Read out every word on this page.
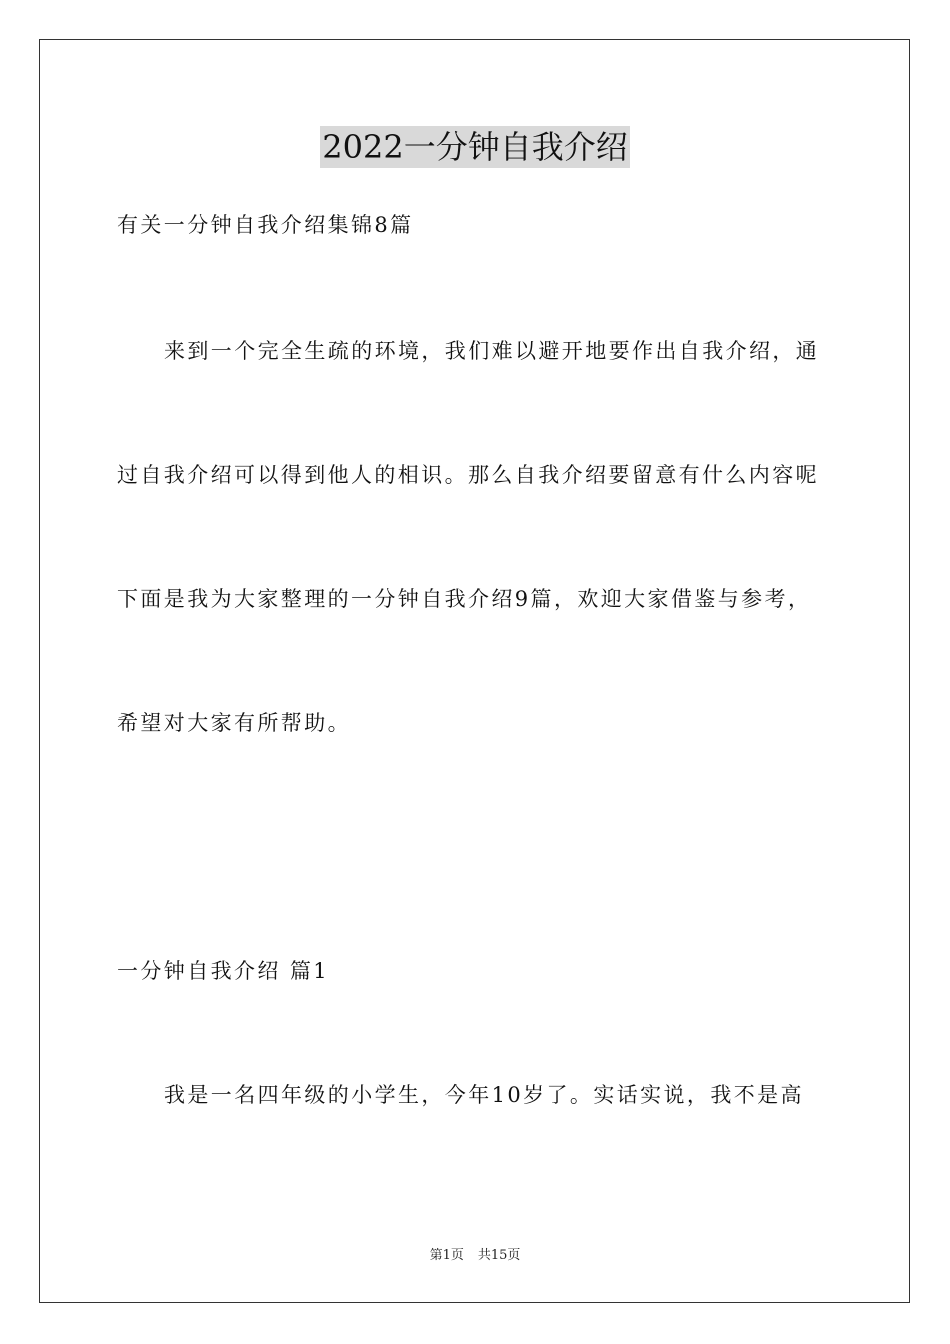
2022一分钟自我介绍
有关一分钟自我介绍集锦8篇
来到一个完全生疏的环境，我们难以避开地要作出自我介绍，通
过自我介绍可以得到他人的相识。那么自我介绍要留意有什么内容呢
下面是我为大家整理的一分钟自我介绍9篇，欢迎大家借鉴与参考，
希望对大家有所帮助。
一分钟自我介绍 篇1
我是一名四年级的小学生，今年10岁了。实话实说，我不是高
第1页 共15页
